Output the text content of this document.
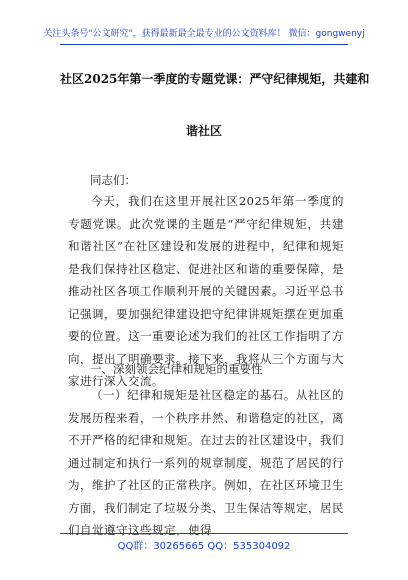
关注头条号"公文研究"，获得最新最全最专业的公文资料库！ 微信：gongwenyj
社区2025年第一季度的专题党课：严守纪律规矩，共建和
谐社区
同志们：
今天，我们在这里开展社区2025年第一季度的专题党课。此次党课的主题是“严守纪律规矩，共建和谐社区”在社区建设和发展的进程中，纪律和规矩是我们保持社区稳定、促进社区和谐的重要保障，是推动社区各项工作顺利开展的关键因素。习近平总书记强调，要加强纪律建设把守纪律讲规矩摆在更加重要的位置。这一重要论述为我们的社区工作指明了方向，提出了明确要求。接下来，我将从三个方面与大家进行深入交流。
一、深刻领会纪律和规矩的重要性
（一）纪律和规矩是社区稳定的基石。从社区的发展历程来看，一个秩序井然、和谐稳定的社区，离不开严格的纪律和规矩。在过去的社区建设中，我们通过制定和执行一系列的规章制度，规范了居民的行为，维护了社区的正常秩序。例如，在社区环境卫生方面，我们制定了垃圾分类、卫生保洁等规定，居民们自觉遵守这些规定，使得
QQ群：30265665 QQ：535304092
